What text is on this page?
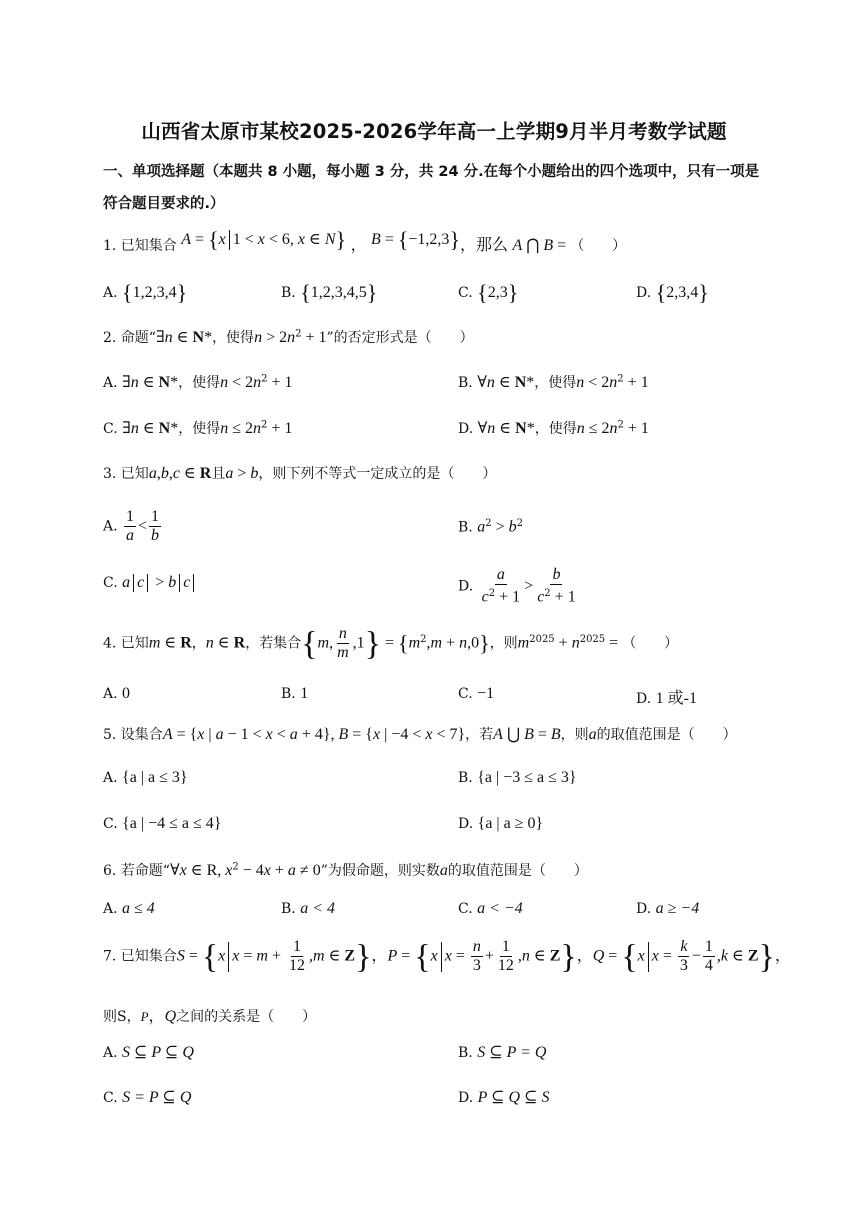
山西省太原市某校2025-2026学年高一上学期9月半月考数学试题
一、单项选择题（本题共 8 小题，每小题 3 分，共 24 分.在每个小题给出的四个选项中，只有一项是符合题目要求的.）
1. 已知集合 A = {x 1 < x < 6, x ∈ N} ， B = {−1,2,3}，那么 A ⋂ B = （　　）
A. {1,2,3,4}	B. {1,2,3,4,5}	C. {2,3}	D. {2,3,4}
2. 命题“∃n ∈ N*，使得$n > 2n^2 + 1$”的否定形式是（　　）
A. ∃n ∈ N*，使得$n < 2n^2 + 1$	B. ∀n ∈ N*，使得$n < 2n^2 + 1$
C. ∃n ∈ N*，使得$n \le 2n^2 + 1$	D. ∀n ∈ N*，使得$n \le 2n^2 + 1$
3. 已知a,b,c ∈ R且a > b，则下列不等式一定成立的是（　　）
A. $\frac{1}{a} < \frac{1}{b}$	B. $a^2 > b^2$
C. a c > b c	D. $\frac{a}{c^2 + 1} > \frac{b}{c^2 + 1}$
4. 已知m ∈ R，n ∈ R，若集合{m, $\frac{n}{m} ,1\} = \{m^2,m + n,0\}$，则$m^{2025} + n^{2025}$ = （　　）
A. 0	B. 1	C. −1	D. 1 或-1
5. 设集合A = {x | a − 1 < x < a + 4}, B = {x | −4 < x < 7}，若A ⋃ B = B，则a的取值范围是（　　）
A. {a | a ≤ 3}	B. {a | −3 ≤ a ≤ 3}
C. {a | −4 ≤ a ≤ 4}	D. {a | a ≥ 0}
6. 若命题“∀x ∈ R, $x^2 - 4x + a \ne 0$”为假命题，则实数a的取值范围是（　　）
A. a ≤ 4	B. a < 4	C. a < −4	D. a ≥ −4
7. 已知集合S = {x $x = m + \frac{1}{12} ,m$ ∈ Z}，P = {x $x = \frac{n}{3} + \frac{1}{12} ,n$ ∈ Z}，Q = {x $x = \frac{k}{3} - \frac{1}{4} ,k$ ∈ Z}，
则S，P，Q之间的关系是（　　）
A. S ⊆ P ⊆ Q	B. S ⊆ P = Q
C. S = P ⊆ Q	D. P ⊆ Q ⊆ S
